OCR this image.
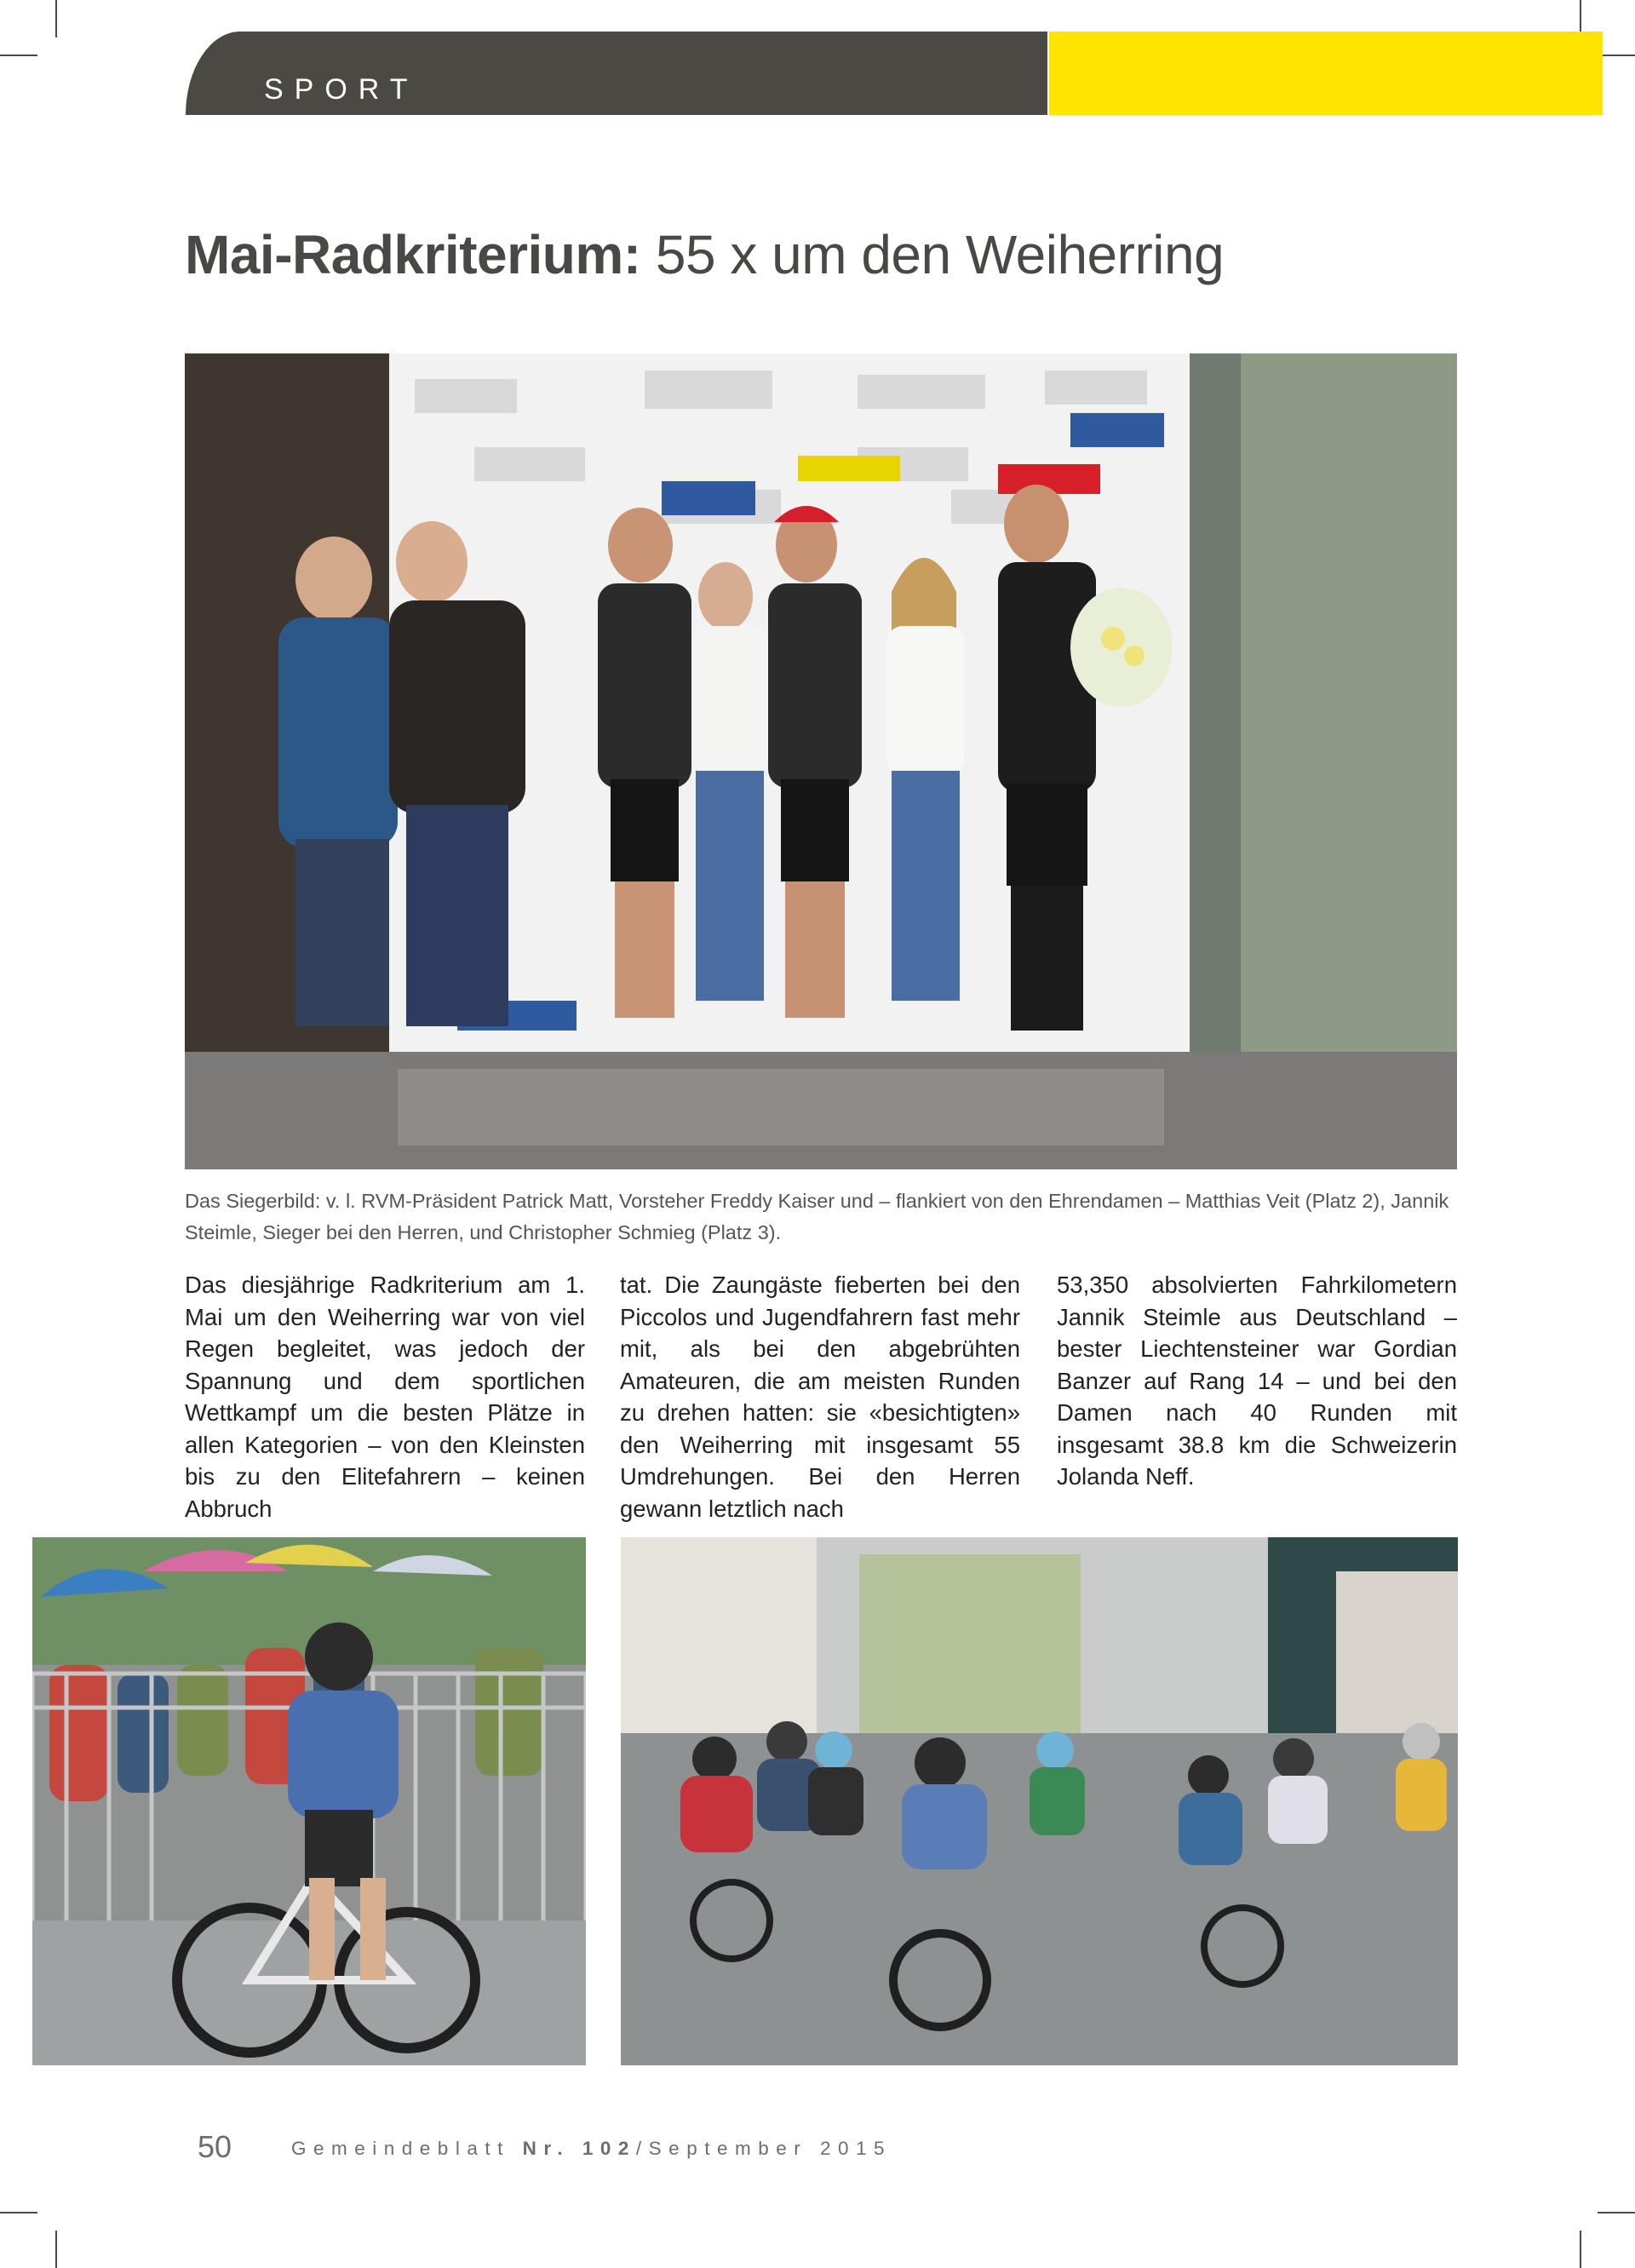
SPORT
Mai-Radkriterium: 55 x um den Weiherring

Das Siegerbild: v. l. RVM-Präsident Patrick Matt, Vorsteher Freddy Kaiser und – flankiert von den Ehrendamen – Matthias Veit (Platz 2), Jannik Steimle, Sieger bei den Herren, und Christopher Schmieg (Platz 3).

Das diesjährige Radkriterium am 1. Mai um den Weiherring war von viel Regen begleitet, was jedoch der Spannung und dem sportlichen Wettkampf um die besten Plätze in allen Kategorien – von den Kleinsten bis zu den Elitefahrern – keinen Abbruch

tat. Die Zaungäste fieberten bei den Piccolos und Jugendfahrern fast mehr mit, als bei den abgebrühten Amateuren, die am meisten Runden zu drehen hatten: sie «besichtigten» den Weiherring mit insgesamt 55 Umdrehungen. Bei den Herren gewann letztlich nach

53,350 absolvierten Fahrkilometern Jannik Steimle aus Deutschland – bester Liechtensteiner war Gordian Banzer auf Rang 14 – und bei den Damen nach 40 Runden mit insgesamt 38.8 km die Schweizerin Jolanda Neff.

50	Gemeindeblatt Nr. 102/September 2015
